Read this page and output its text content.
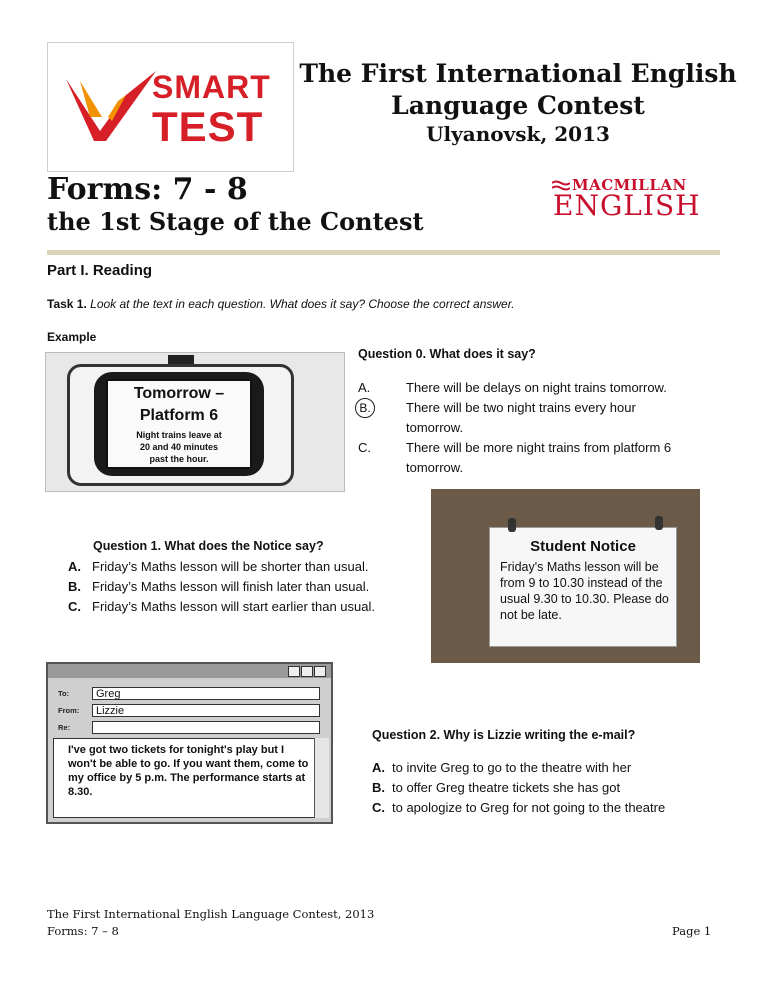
SMART
TEST
The First International English
Language Contest
Ulyanovsk, 2013
Forms: 7 - 8
the 1st Stage of the Contest
MACMILLAN
ENGLISH
Part I. Reading
Task 1. Look at the text in each question. What does it say? Choose the correct answer.
Example
Tomorrow –
Platform 6
Night trains leave at
20 and 40 minutes
past the hour.
Question 0. What does it say?
A.	There will be delays on night trains tomorrow.
B.	There will be two night trains every hour
tomorrow.
C.	There will be more night trains from platform 6
tomorrow.
Question 1. What does the Notice say?
A. Friday’s Maths lesson will be shorter than usual.
B. Friday’s Maths lesson will finish later than usual.
C. Friday’s Maths lesson will start earlier than usual.
Student Notice
Friday's Maths lesson will be from 9 to 10.30 instead of the usual 9.30 to 10.30. Please do not be late.
To:	Greg
From:	Lizzie
Re:
I've got two tickets for tonight's play but I won't be able to go. If you want them, come to my office by 5 p.m. The performance starts at 8.30.
Question 2. Why is Lizzie writing the e-mail?
A. to invite Greg to go to the theatre with her
B. to offer Greg theatre tickets she has got
C. to apologize to Greg for not going to the theatre
The First International English Language Contest, 2013
Forms: 7 – 8	Page 1
